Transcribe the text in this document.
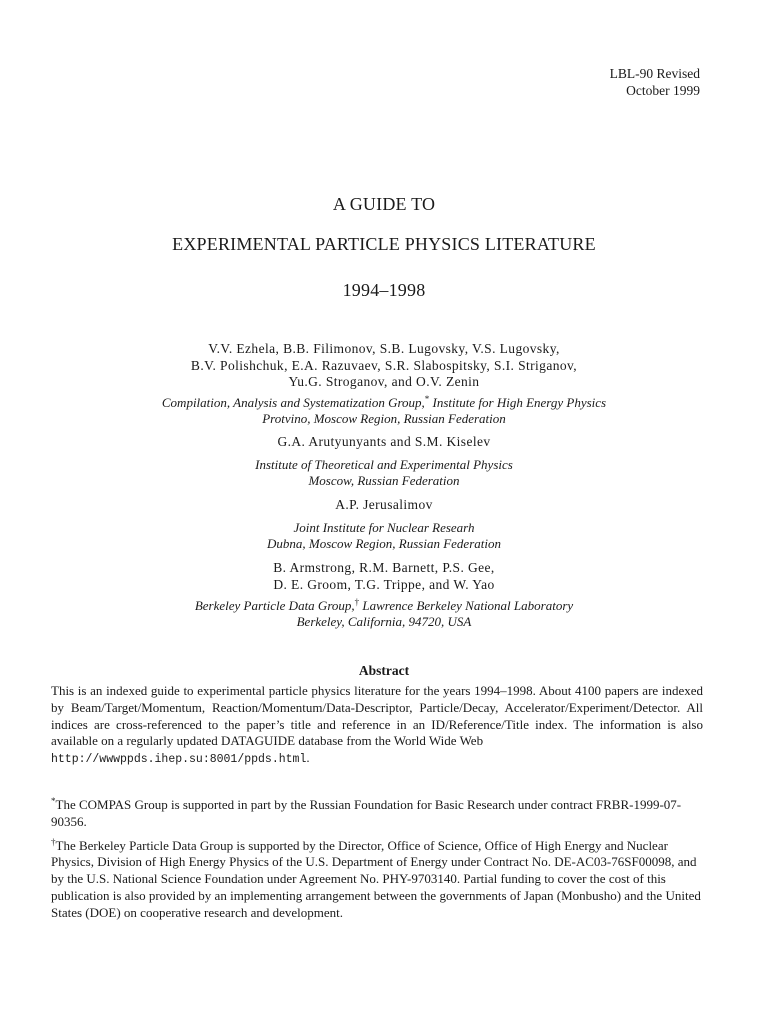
LBL-90 Revised
October 1999
A GUIDE TO
EXPERIMENTAL PARTICLE PHYSICS LITERATURE
1994–1998
V.V. Ezhela, B.B. Filimonov, S.B. Lugovsky, V.S. Lugovsky,
B.V. Polishchuk, E.A. Razuvaev, S.R. Slabospitsky, S.I. Striganov,
Yu.G. Stroganov, and O.V. Zenin
Compilation, Analysis and Systematization Group,* Institute for High Energy Physics
Protvino, Moscow Region, Russian Federation
G.A. Arutyunyants and S.M. Kiselev
Institute of Theoretical and Experimental Physics
Moscow, Russian Federation
A.P. Jerusalimov
Joint Institute for Nuclear Researh
Dubna, Moscow Region, Russian Federation
B. Armstrong, R.M. Barnett, P.S. Gee,
D. E. Groom, T.G. Trippe, and W. Yao
Berkeley Particle Data Group,† Lawrence Berkeley National Laboratory
Berkeley, California, 94720, USA
Abstract
This is an indexed guide to experimental particle physics literature for the years 1994–1998. About 4100 papers are indexed by Beam/Target/Momentum, Reaction/Momentum/Data-Descriptor, Particle/Decay, Accelerator/Experiment/Detector. All indices are cross-referenced to the paper’s title and reference in an ID/Reference/Title index. The information is also available on a regularly updated DATAGUIDE database from the World Wide Web
http://wwwppds.ihep.su:8001/ppds.html.

*The COMPAS Group is supported in part by the Russian Foundation for Basic Research under contract FRBR-1999-07-90356.

†The Berkeley Particle Data Group is supported by the Director, Office of Science, Office of High Energy and Nuclear Physics, Division of High Energy Physics of the U.S. Department of Energy under Contract No. DE-AC03-76SF00098, and by the U.S. National Science Foundation under Agreement No. PHY-9703140. Partial funding to cover the cost of this publication is also provided by an implementing arrangement between the governments of Japan (Monbusho) and the United States (DOE) on cooperative research and development.
